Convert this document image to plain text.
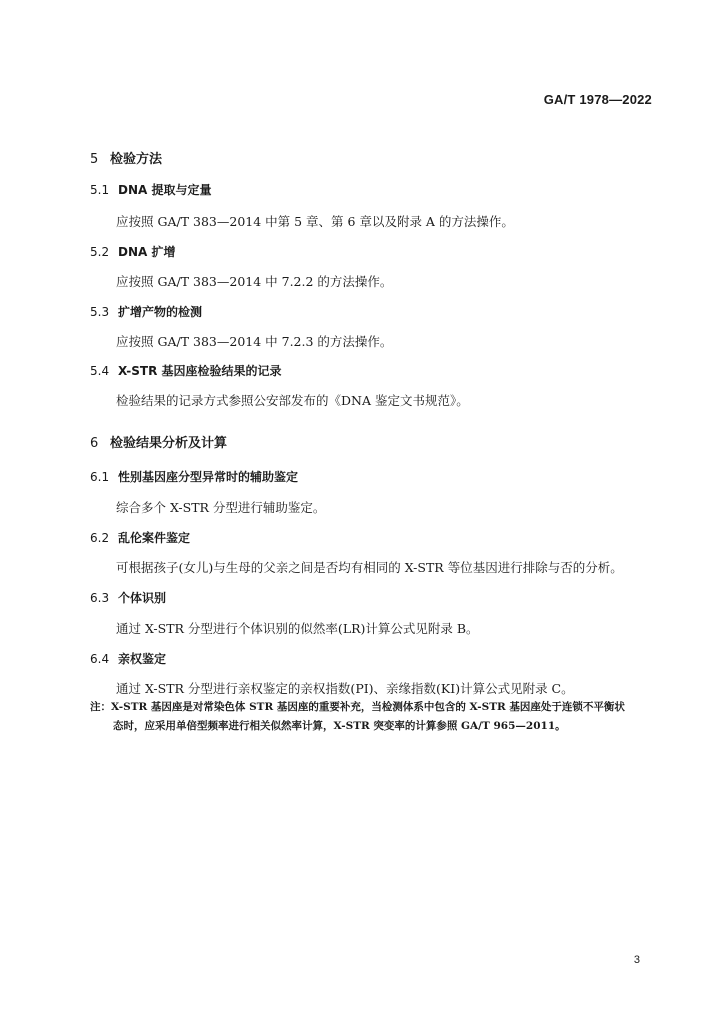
GA/T 1978—2022
5 检验方法
5.1 DNA 提取与定量
应按照 GA/T 383—2014 中第 5 章、第 6 章以及附录 A 的方法操作。
5.2 DNA 扩增
应按照 GA/T 383—2014 中 7.2.2 的方法操作。
5.3 扩增产物的检测
应按照 GA/T 383—2014 中 7.2.3 的方法操作。
5.4 X-STR 基因座检验结果的记录
检验结果的记录方式参照公安部发布的《DNA 鉴定文书规范》。
6 检验结果分析及计算
6.1 性别基因座分型异常时的辅助鉴定
综合多个 X-STR 分型进行辅助鉴定。
6.2 乱伦案件鉴定
可根据孩子(女儿)与生母的父亲之间是否均有相同的 X-STR 等位基因进行排除与否的分析。
6.3 个体识别
通过 X-STR 分型进行个体识别的似然率(LR)计算公式见附录 B。
6.4 亲权鉴定
通过 X-STR 分型进行亲权鉴定的亲权指数(PI)、亲缘指数(KI)计算公式见附录 C。
注：X-STR 基因座是对常染色体 STR 基因座的重要补充，当检测体系中包含的 X-STR 基因座处于连锁不平衡状
态时，应采用单倍型频率进行相关似然率计算，X-STR 突变率的计算参照 GA/T 965—2011。
3
